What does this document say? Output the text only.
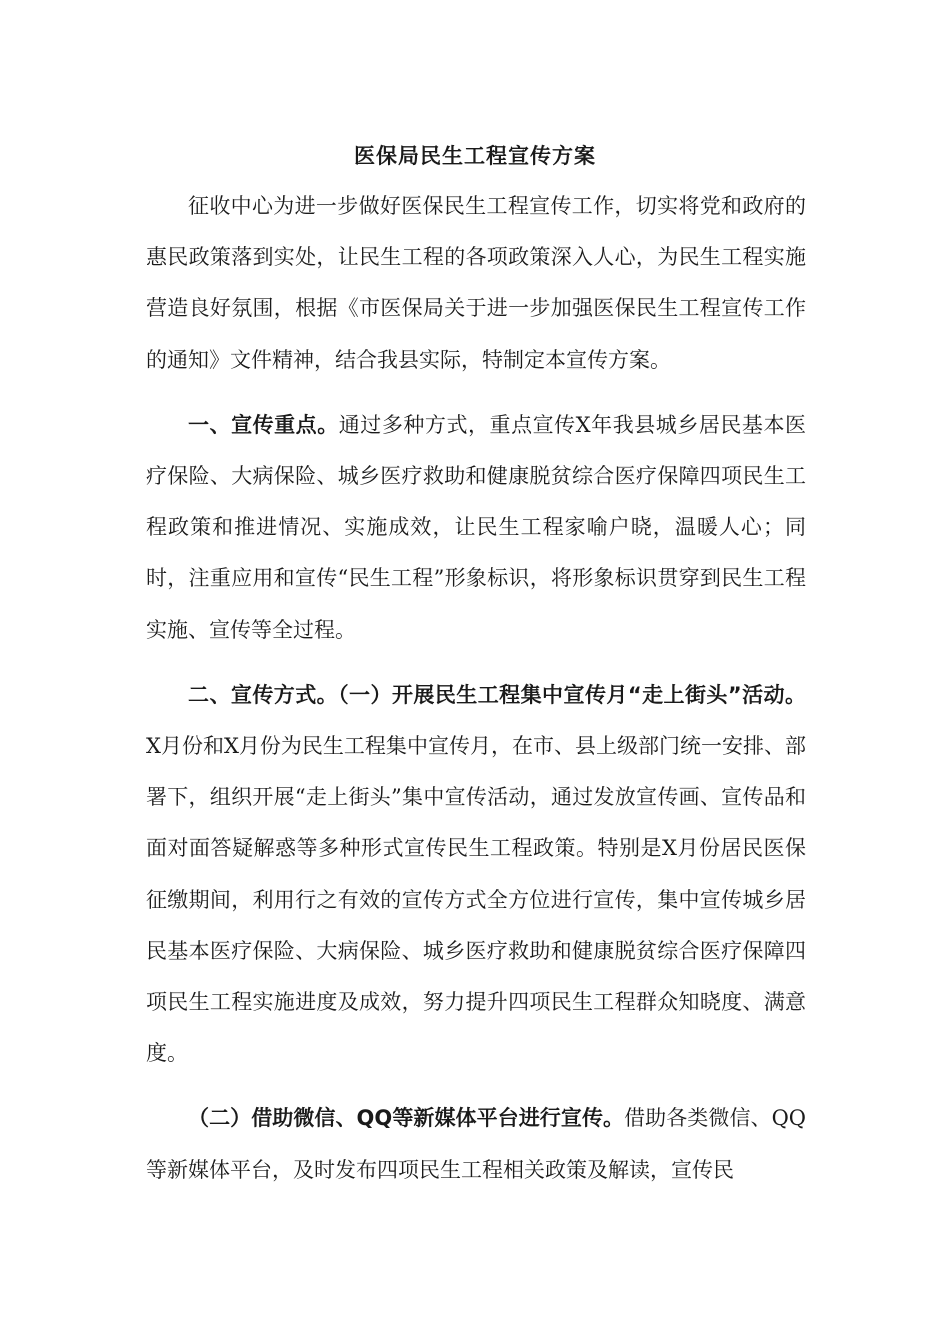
医保局民生工程宣传方案

征收中心为进一步做好医保民生工程宣传工作，切实将党和政府的惠民政策落到实处，让民生工程的各项政策深入人心，为民生工程实施营造良好氛围，根据《市医保局关于进一步加强医保民生工程宣传工作的通知》文件精神，结合我县实际，特制定本宣传方案。

一、宣传重点。通过多种方式，重点宣传X年我县城乡居民基本医疗保险、大病保险、城乡医疗救助和健康脱贫综合医疗保障四项民生工程政策和推进情况、实施成效，让民生工程家喻户晓，温暖人心；同时，注重应用和宣传“民生工程”形象标识，将形象标识贯穿到民生工程实施、宣传等全过程。

二、宣传方式。（一）开展民生工程集中宣传月“走上街头”活动。X月份和X月份为民生工程集中宣传月，在市、县上级部门统一安排、部署下，组织开展“走上街头”集中宣传活动，通过发放宣传画、宣传品和面对面答疑解惑等多种形式宣传民生工程政策。特别是X月份居民医保征缴期间，利用行之有效的宣传方式全方位进行宣传，集中宣传城乡居民基本医疗保险、大病保险、城乡医疗救助和健康脱贫综合医疗保障四项民生工程实施进度及成效，努力提升四项民生工程群众知晓度、满意度。

（二）借助微信、QQ等新媒体平台进行宣传。借助各类微信、QQ等新媒体平台，及时发布四项民生工程相关政策及解读，宣传民
